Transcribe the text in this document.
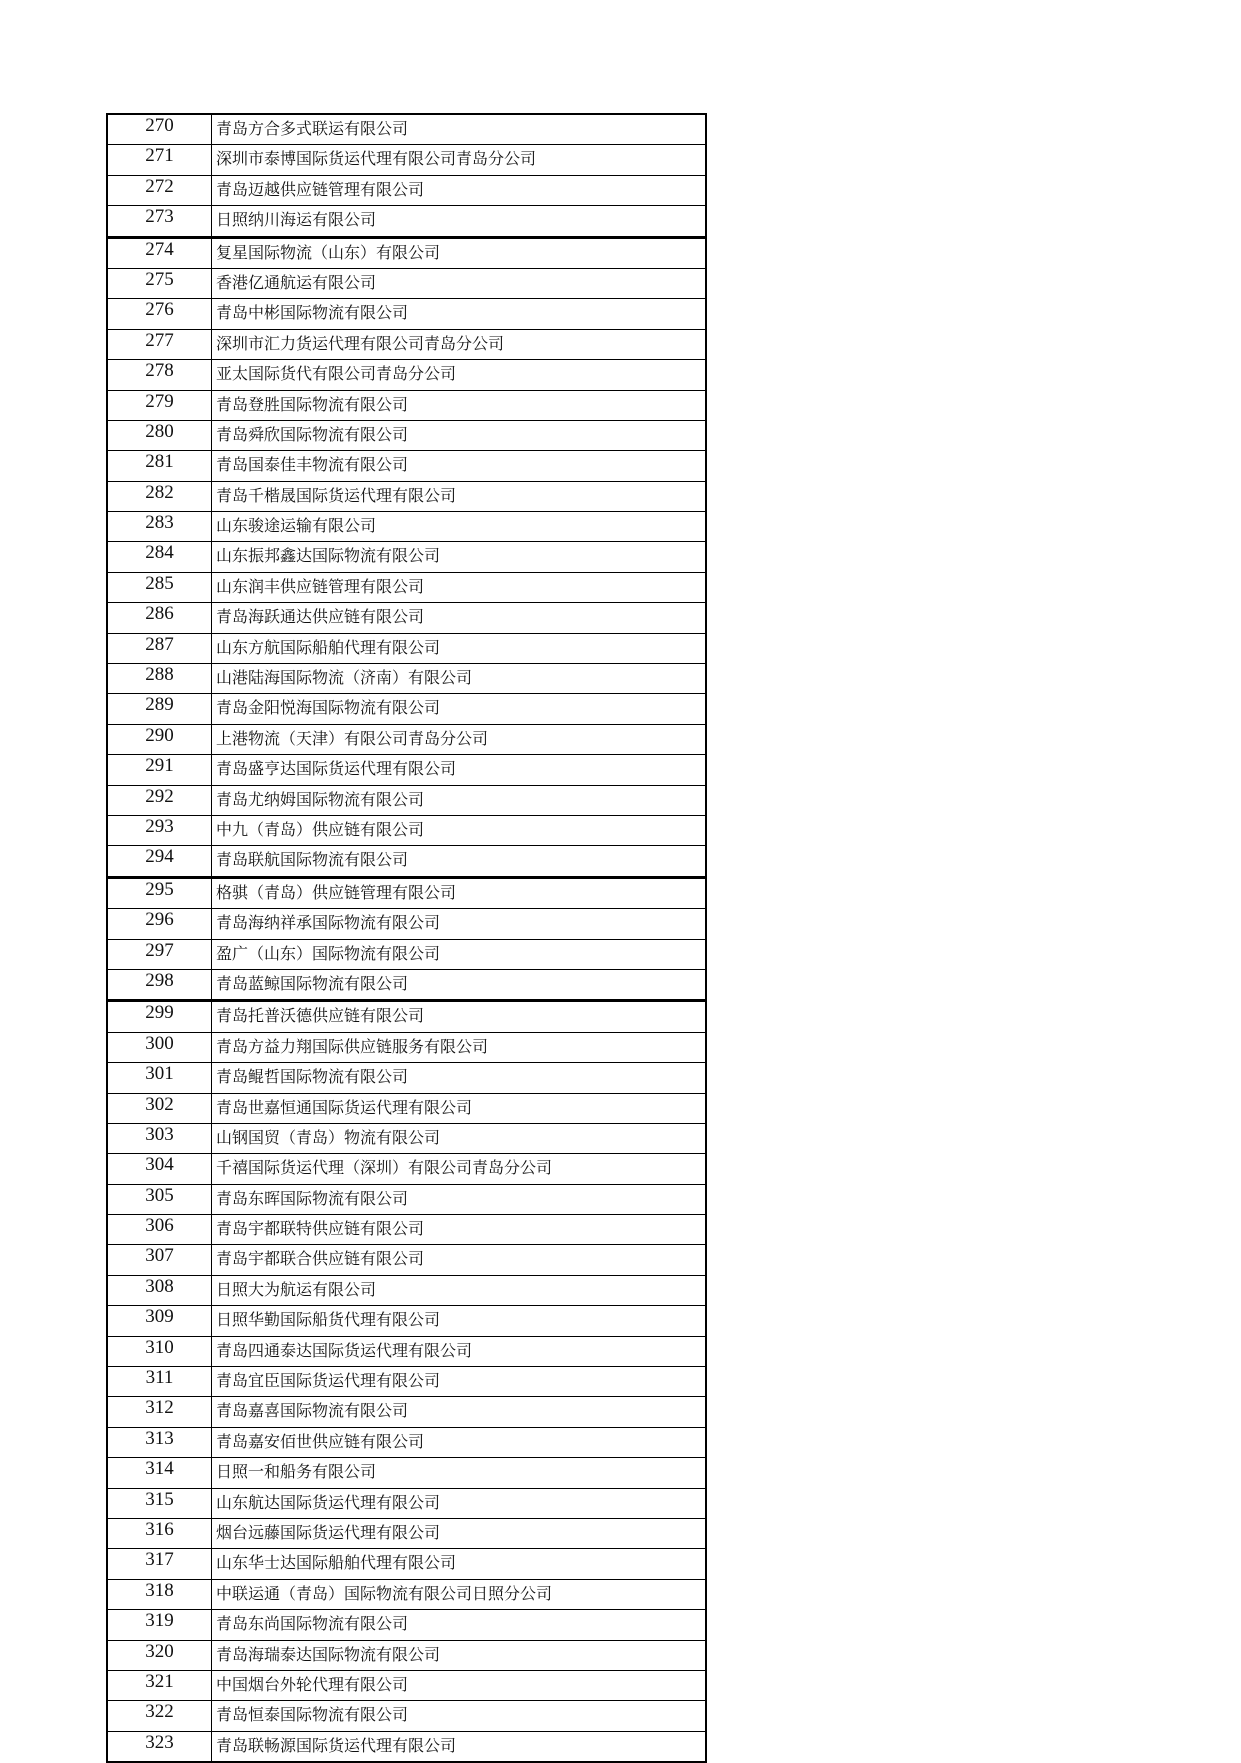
270	青岛方合多式联运有限公司
271	深圳市泰博国际货运代理有限公司青岛分公司
272	青岛迈越供应链管理有限公司
273	日照纳川海运有限公司
274	复星国际物流（山东）有限公司
275	香港亿通航运有限公司
276	青岛中彬国际物流有限公司
277	深圳市汇力货运代理有限公司青岛分公司
278	亚太国际货代有限公司青岛分公司
279	青岛登胜国际物流有限公司
280	青岛舜欣国际物流有限公司
281	青岛国泰佳丰物流有限公司
282	青岛千楷晟国际货运代理有限公司
283	山东骏途运输有限公司
284	山东振邦鑫达国际物流有限公司
285	山东润丰供应链管理有限公司
286	青岛海跃通达供应链有限公司
287	山东方航国际船舶代理有限公司
288	山港陆海国际物流（济南）有限公司
289	青岛金阳悦海国际物流有限公司
290	上港物流（天津）有限公司青岛分公司
291	青岛盛亨达国际货运代理有限公司
292	青岛尤纳姆国际物流有限公司
293	中九（青岛）供应链有限公司
294	青岛联航国际物流有限公司
295	格骐（青岛）供应链管理有限公司
296	青岛海纳祥承国际物流有限公司
297	盈广（山东）国际物流有限公司
298	青岛蓝鲸国际物流有限公司
299	青岛托普沃德供应链有限公司
300	青岛方益力翔国际供应链服务有限公司
301	青岛鲲哲国际物流有限公司
302	青岛世嘉恒通国际货运代理有限公司
303	山钢国贸（青岛）物流有限公司
304	千禧国际货运代理（深圳）有限公司青岛分公司
305	青岛东晖国际物流有限公司
306	青岛宇都联特供应链有限公司
307	青岛宇都联合供应链有限公司
308	日照大为航运有限公司
309	日照华勤国际船货代理有限公司
310	青岛四通泰达国际货运代理有限公司
311	青岛宜臣国际货运代理有限公司
312	青岛嘉喜国际物流有限公司
313	青岛嘉安佰世供应链有限公司
314	日照一和船务有限公司
315	山东航达国际货运代理有限公司
316	烟台远藤国际货运代理有限公司
317	山东华士达国际船舶代理有限公司
318	中联运通（青岛）国际物流有限公司日照分公司
319	青岛东尚国际物流有限公司
320	青岛海瑞泰达国际物流有限公司
321	中国烟台外轮代理有限公司
322	青岛恒泰国际物流有限公司
323	青岛联畅源国际货运代理有限公司
